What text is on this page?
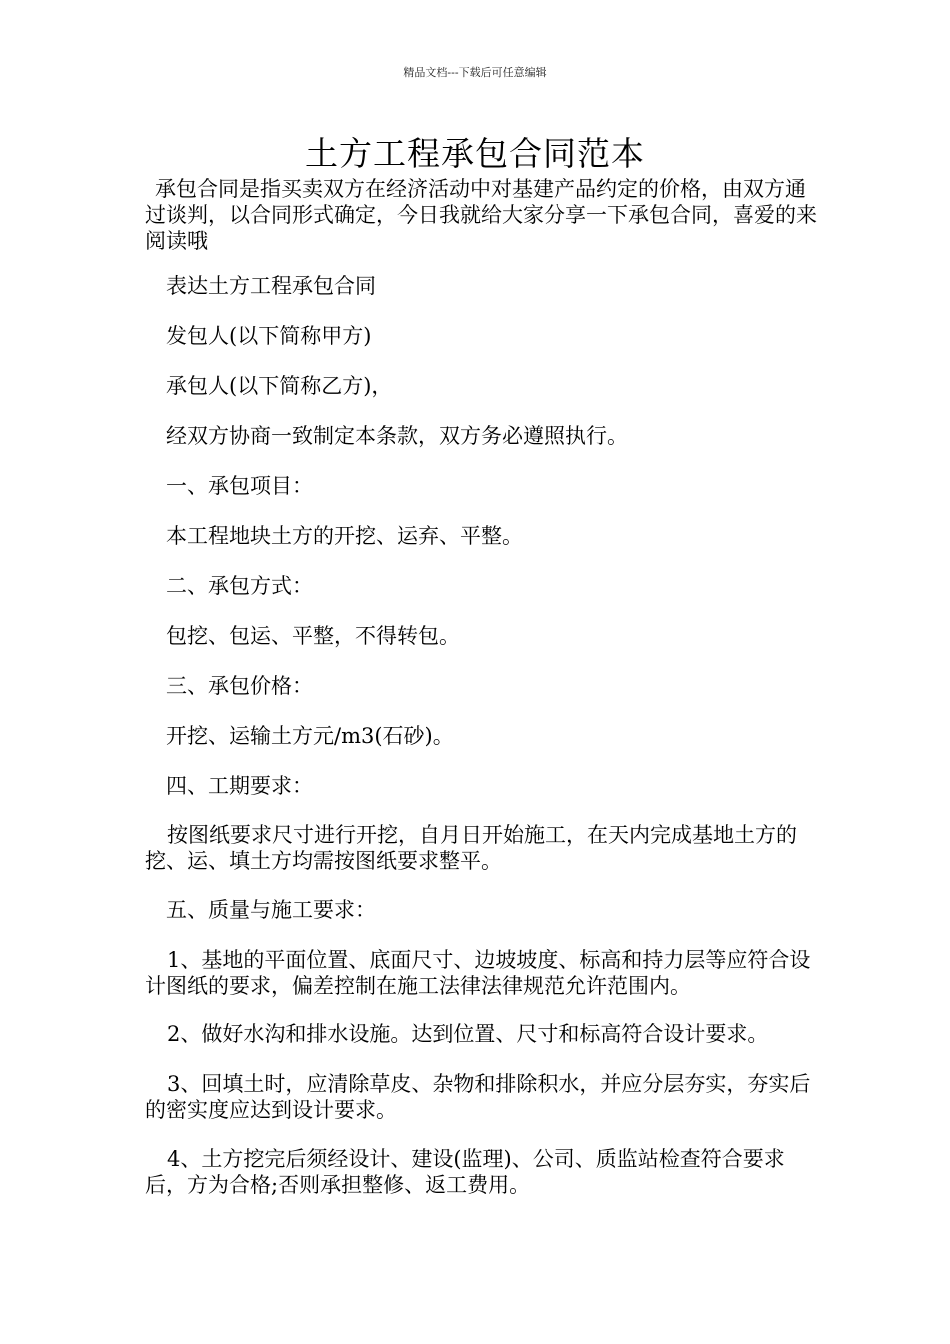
精品文档---下载后可任意编辑
土方工程承包合同范本

承包合同是指买卖双方在经济活动中对基建产品约定的价格，由双方通过谈判，以合同形式确定，今日我就给大家分享一下承包合同，喜爱的来阅读哦

表达土方工程承包合同

发包人(以下简称甲方)

承包人(以下简称乙方)，

经双方协商一致制定本条款，双方务必遵照执行。

一、承包项目：

本工程地块土方的开挖、运弃、平整。

二、承包方式：

包挖、包运、平整，不得转包。

三、承包价格：

开挖、运输土方元/m3(石砂)。

四、工期要求：

按图纸要求尺寸进行开挖，自月日开始施工，在天内完成基地土方的挖、运、填土方均需按图纸要求整平。

五、质量与施工要求：

1、基地的平面位置、底面尺寸、边坡坡度、标高和持力层等应符合设计图纸的要求，偏差控制在施工法律法律规范允许范围内。

2、做好水沟和排水设施。达到位置、尺寸和标高符合设计要求。

3、回填土时，应清除草皮、杂物和排除积水，并应分层夯实，夯实后的密实度应达到设计要求。

4、土方挖完后须经设计、建设(监理)、公司、质监站检查符合要求后，方为合格;否则承担整修、返工费用。
